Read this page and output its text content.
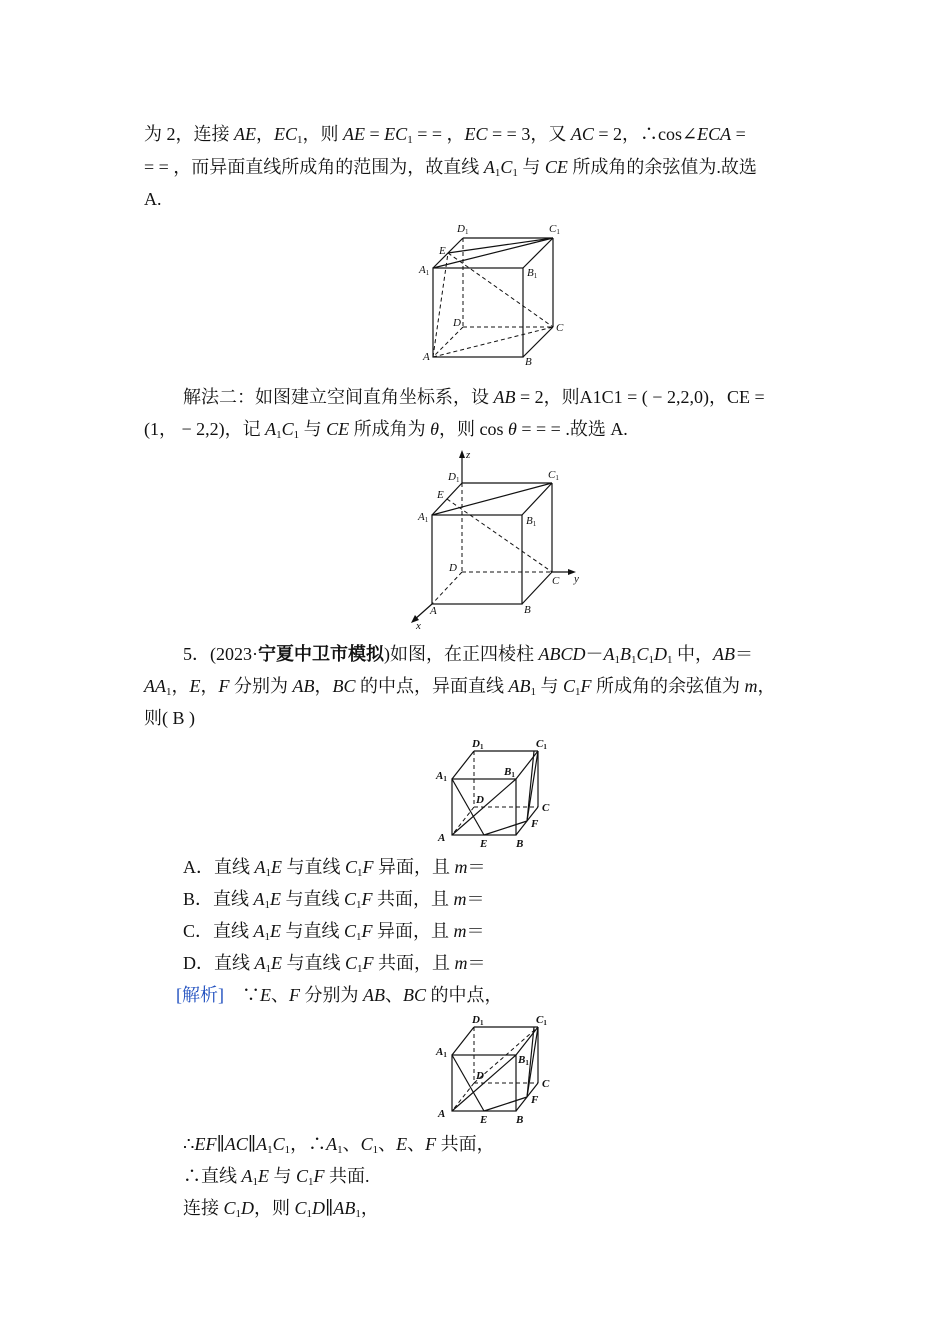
为 2，连接 AE，$EC_1$，则 AE = $EC_1$ = = ，EC = = 3，又 AC = 2，∴cos∠ECA =
= = ，而异面直线所成角的范围为，故直线 $A_1C_1$ 与 CE 所成角的余弦值为.故选
A.
D1	C1
E
A1	B1
D	C
A	B
解法二：如图建立空间直角坐标系，设 AB = 2，则A1C1 = ( − 2,2,0)，CE =
(1， − 2,2)，记 $A_1C_1$ 与 CE 所成角为 θ，则 cos θ = = = .故选 A.
z
D1	C1
E
A1	B1
D
C y
A	B
x
5．(2023·宁夏中卫市模拟)如图，在正四棱柱 $ABCD-A_1B_1C_1D_1$ 中，AB＝
$AA_1$，E，F 分别为 AB，BC 的中点，异面直线 $AB_1$ 与 $C_1F$ 所成角的余弦值为 m，
则( B )
D1	C1
A1
B1
D
C
F
A	E	B
A．直线 $A_1E$ 与直线 $C_1F$ 异面，且 m＝
B．直线 $A_1E$ 与直线 $C_1F$ 共面，且 m＝
C．直线 $A_1E$ 与直线 $C_1F$ 异面，且 m＝
D．直线 $A_1E$ 与直线 $C_1F$ 共面，且 m＝
[解析]　∵E、F 分别为 AB、BC 的中点，
D1	C1
A1	B1
D
C
F
A	E	B
$\therefore EF\parallel AC\parallel A_1C_1$，$\therefore A_1$、$C_1$、E、F 共面，
∴直线 $A_1E$ 与 $C_1F$ 共面.
连接 $C_1D$，则 $C_1D\parallel AB_1$，
